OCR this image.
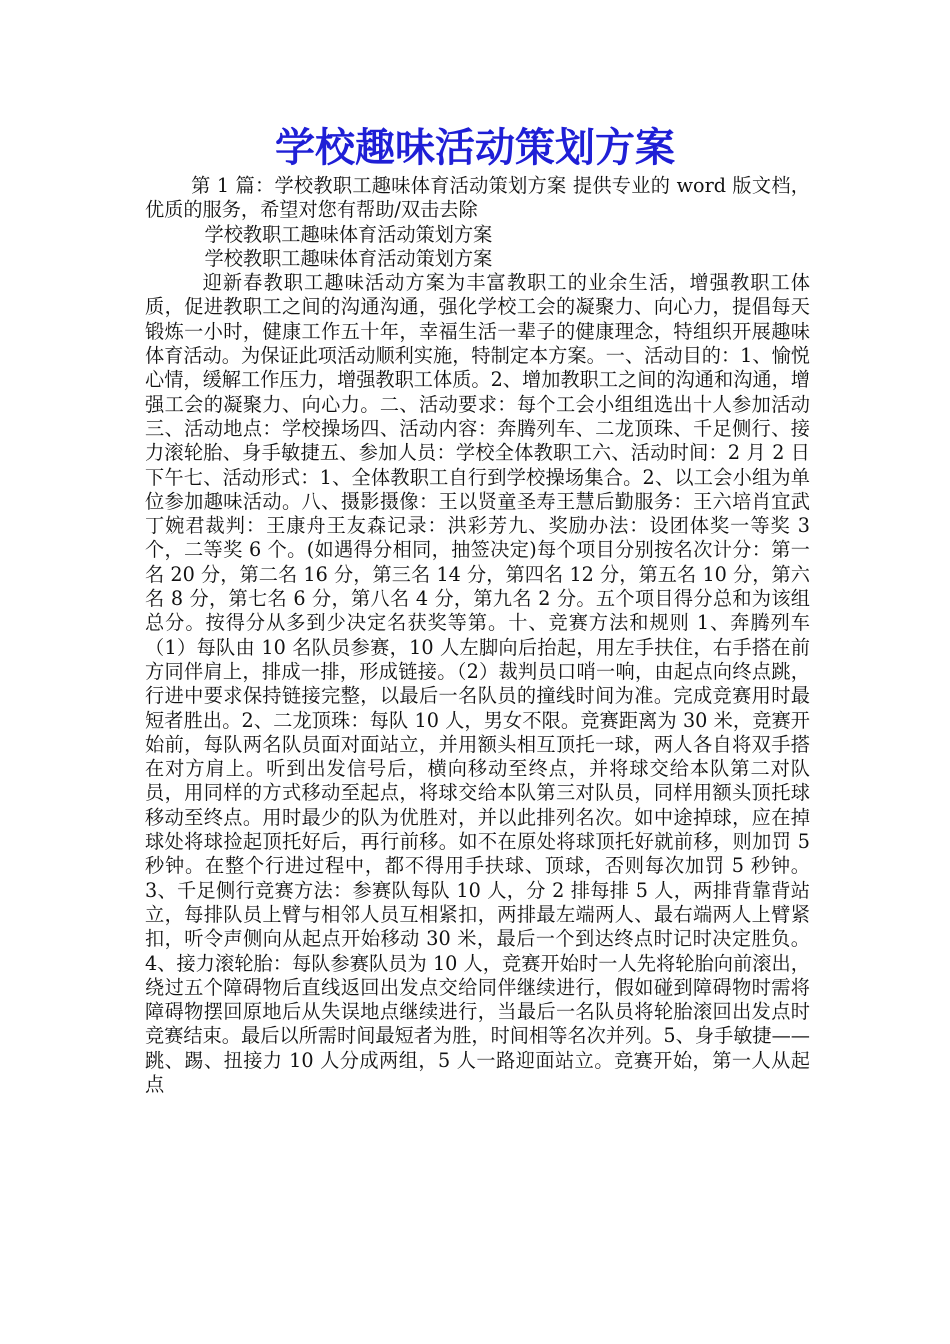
学校趣味活动策划方案

第 1 篇：学校教职工趣味体育活动策划方案 提供专业的 word 版文档，优质的服务，希望对您有帮助/双击去除

学校教职工趣味体育活动策划方案

学校教职工趣味体育活动策划方案

迎新春教职工趣味活动方案为丰富教职工的业余生活，增强教职工体质，促进教职工之间的沟通沟通，强化学校工会的凝聚力、向心力，提倡每天锻炼一小时，健康工作五十年，幸福生活一辈子的健康理念，特组织开展趣味体育活动。为保证此项活动顺利实施，特制定本方案。一、活动目的：1、愉悦心情，缓解工作压力，增强教职工体质。2、增加教职工之间的沟通和沟通，增强工会的凝聚力、向心力。二、活动要求：每个工会小组组选出十人参加活动三、活动地点：学校操场四、活动内容：奔腾列车、二龙顶珠、千足侧行、接力滚轮胎、身手敏捷五、参加人员：学校全体教职工六、活动时间：2 月 2 日下午七、活动形式：1、全体教职工自行到学校操场集合。2、以工会小组为单位参加趣味活动。八、摄影摄像：王以贤童圣寿王慧后勤服务：王六培肖宜武丁婉君裁判：王康舟王友森记录：洪彩芳九、奖励办法：设团体奖一等奖 3 个，二等奖 6 个。(如遇得分相同，抽签决定)每个项目分别按名次计分：第一名 20 分，第二名 16 分，第三名 14 分，第四名 12 分，第五名 10 分，第六名 8 分，第七名 6 分，第八名 4 分，第九名 2 分。五个项目得分总和为该组总分。按得分从多到少决定名获奖等第。十、竞赛方法和规则 1、奔腾列车（1）每队由 10 名队员参赛，10 人左脚向后抬起，用左手扶住，右手搭在前方同伴肩上，排成一排，形成链接。（2）裁判员口哨一响，由起点向终点跳，行进中要求保持链接完整，以最后一名队员的撞线时间为准。完成竞赛用时最短者胜出。2、二龙顶珠：每队 10 人，男女不限。竞赛距离为 30 米，竞赛开始前，每队两名队员面对面站立，并用额头相互顶托一球，两人各自将双手搭在对方肩上。听到出发信号后，横向移动至终点，并将球交给本队第二对队员，用同样的方式移动至起点，将球交给本队第三对队员，同样用额头顶托球移动至终点。用时最少的队为优胜对，并以此排列名次。如中途掉球，应在掉球处将球捡起顶托好后，再行前移。如不在原处将球顶托好就前移，则加罚 5 秒钟。在整个行进过程中，都不得用手扶球、顶球，否则每次加罚 5 秒钟。3、千足侧行竞赛方法：参赛队每队 10 人，分 2 排每排 5 人，两排背靠背站立，每排队员上臂与相邻人员互相紧扣，两排最左端两人、最右端两人上臂紧扣，听令声侧向从起点开始移动 30 米，最后一个到达终点时记时决定胜负。4、接力滚轮胎：每队参赛队员为 10 人，竞赛开始时一人先将轮胎向前滚出，绕过五个障碍物后直线返回出发点交给同伴继续进行，假如碰到障碍物时需将障碍物摆回原地后从失误地点继续进行，当最后一名队员将轮胎滚回出发点时竞赛结束。最后以所需时间最短者为胜，时间相等名次并列。5、身手敏捷——跳、踢、扭接力 10 人分成两组，5 人一路迎面站立。竞赛开始，第一人从起点
